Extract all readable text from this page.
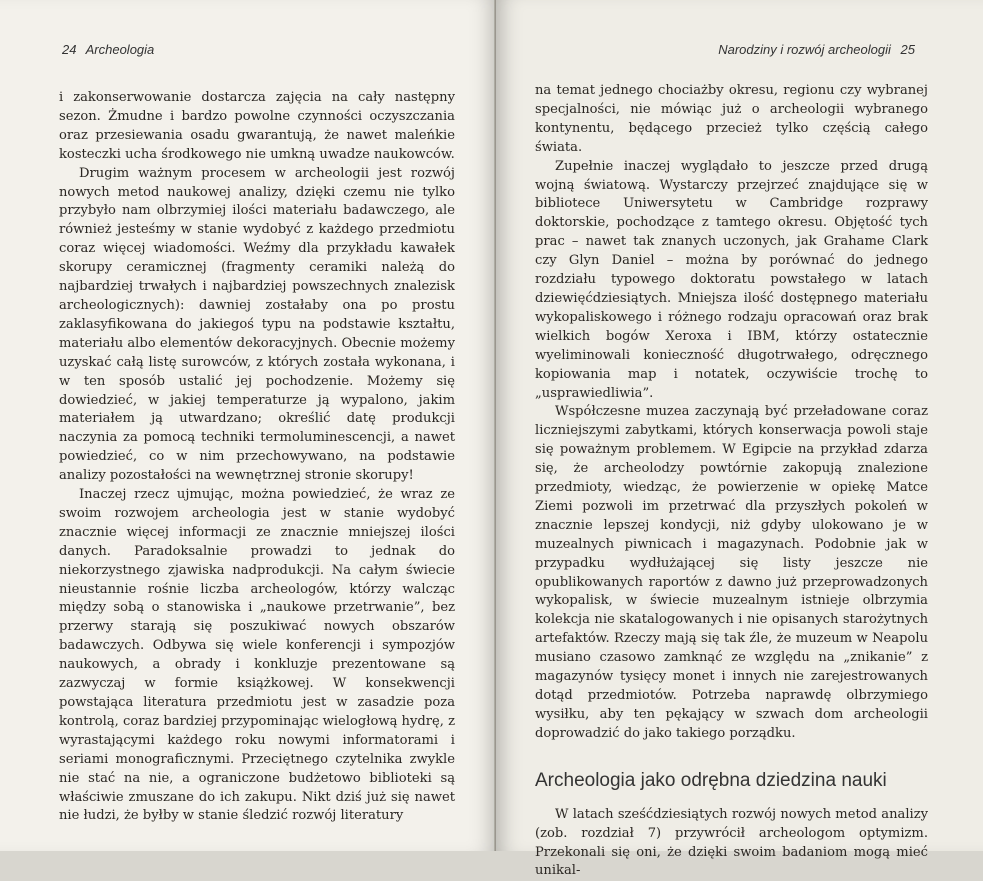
24 Archeologia

i zakonserwowanie dostarcza zajęcia na cały następny sezon. Żmudne i bardzo powolne czynności oczyszczania oraz przesiewania osadu gwarantują, że nawet maleńkie kosteczki ucha środkowego nie umkną uwadze naukowców.

Drugim ważnym procesem w archeologii jest rozwój nowych metod naukowej analizy, dzięki czemu nie tylko przybyło nam olbrzymiej ilości materiału badawczego, ale również jesteśmy w stanie wydobyć z każdego przedmiotu coraz więcej wiadomości. Weźmy dla przykładu kawałek skorupy ceramicznej (fragmenty ceramiki należą do najbardziej trwałych i najbardziej powszechnych znalezisk archeologicznych): dawniej zostałaby ona po prostu zaklasyfikowana do jakiegoś typu na podstawie kształtu, materiału albo elementów dekoracyjnych. Obecnie możemy uzyskać całą listę surowców, z których została wykonana, i w ten sposób ustalić jej pochodzenie. Możemy się dowiedzieć, w jakiej temperaturze ją wypalono, jakim materiałem ją utwardzano; określić datę produkcji naczynia za pomocą techniki termoluminescencji, a nawet powiedzieć, co w nim przechowywano, na podstawie analizy pozostałości na wewnętrznej stronie skorupy!

Inaczej rzecz ujmując, można powiedzieć, że wraz ze swoim rozwojem archeologia jest w stanie wydobyć znacznie więcej informacji ze znacznie mniejszej ilości danych. Paradoksalnie prowadzi to jednak do niekorzystnego zjawiska nadprodukcji. Na całym świecie nieustannie rośnie liczba archeologów, którzy walcząc między sobą o stanowiska i „naukowe przetrwanie”, bez przerwy starają się poszukiwać nowych obszarów badawczych. Odbywa się wiele konferencji i sympozjów naukowych, a obrady i konkluzje prezentowane są zazwyczaj w formie książkowej. W konsekwencji powstająca literatura przedmiotu jest w zasadzie poza kontrolą, coraz bardziej przypominając wielogłową hydrę, z wyrastającymi każdego roku nowymi informatorami i seriami monograficznymi. Przeciętnego czytelnika zwykle nie stać na nie, a ograniczone budżetowo biblioteki są właściwie zmuszane do ich zakupu. Nikt dziś już się nawet nie łudzi, że byłby w stanie śledzić rozwój literatury

Narodziny i rozwój archeologii 25

na temat jednego chociażby okresu, regionu czy wybranej specjalności, nie mówiąc już o archeologii wybranego kontynentu, będącego przecież tylko częścią całego świata.

Zupełnie inaczej wyglądało to jeszcze przed drugą wojną światową. Wystarczy przejrzeć znajdujące się w bibliotece Uniwersytetu w Cambridge rozprawy doktorskie, pochodzące z tamtego okresu. Objętość tych prac – nawet tak znanych uczonych, jak Grahame Clark czy Glyn Daniel – można by porównać do jednego rozdziału typowego doktoratu powstałego w latach dziewięćdziesiątych. Mniejsza ilość dostępnego materiału wykopaliskowego i różnego rodzaju opracowań oraz brak wielkich bogów Xeroxa i IBM, którzy ostatecznie wyeliminowali konieczność długotrwałego, odręcznego kopiowania map i notatek, oczywiście trochę to „usprawiedliwia”.

Współczesne muzea zaczynają być przeładowane coraz liczniejszymi zabytkami, których konserwacja powoli staje się poważnym problemem. W Egipcie na przykład zdarza się, że archeolodzy powtórnie zakopują znalezione przedmioty, wiedząc, że powierzenie w opiekę Matce Ziemi pozwoli im przetrwać dla przyszłych pokoleń w znacznie lepszej kondycji, niż gdyby ulokowano je w muzealnych piwnicach i magazynach. Podobnie jak w przypadku wydłużającej się listy jeszcze nie opublikowanych raportów z dawno już przeprowadzonych wykopalisk, w świecie muzealnym istnieje olbrzymia kolekcja nie skatalogowanych i nie opisanych starożytnych artefaktów. Rzeczy mają się tak źle, że muzeum w Neapolu musiano czasowo zamknąć ze względu na „znikanie” z magazynów tysięcy monet i innych nie zarejestrowanych dotąd przedmiotów. Potrzeba naprawdę olbrzymiego wysiłku, aby ten pękający w szwach dom archeologii doprowadzić do jako takiego porządku.

Archeologia jako odrębna dziedzina nauki

W latach sześćdziesiątych rozwój nowych metod analizy (zob. rozdział 7) przywrócił archeologom optymizm. Przekonali się oni, że dzięki swoim badaniom mogą mieć unikal-
